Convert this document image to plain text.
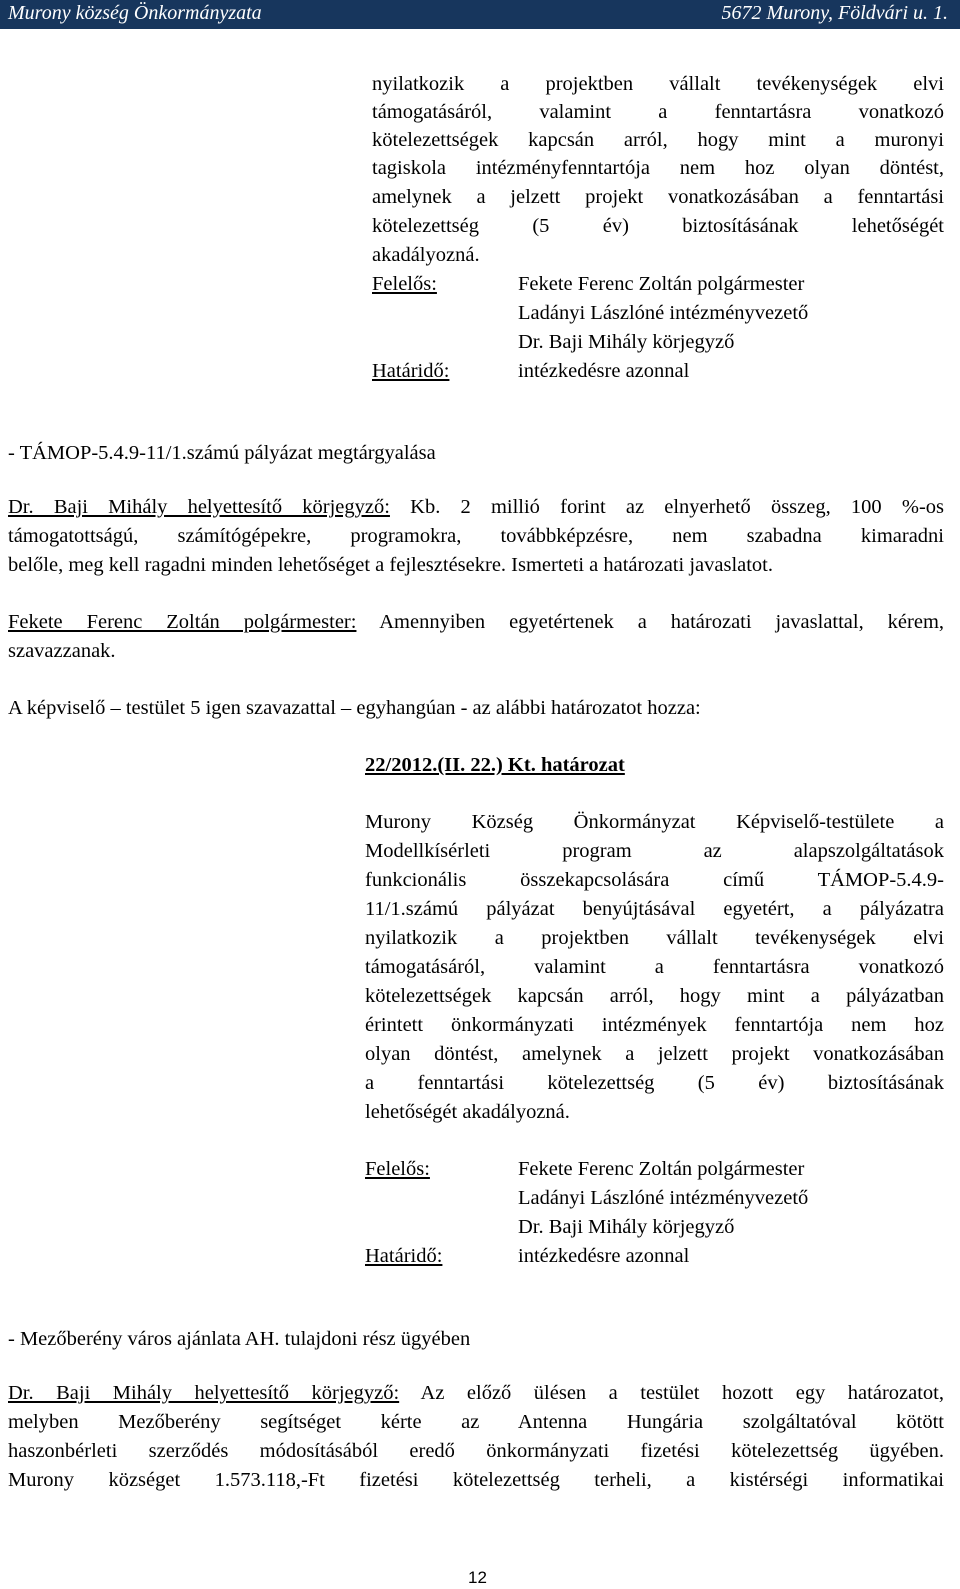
Murony község Önkormányzata	5672 Murony, Földvári u. 1.
nyilatkozik a projektben vállalt tevékenységek elvi
támogatásáról, valamint a fenntartásra vonatkozó
kötelezettségek kapcsán arról, hogy mint a muronyi
tagiskola intézményfenntartója nem hoz olyan döntést,
amelynek a jelzett projekt vonatkozásában a fenntartási
kötelezettség (5 év) biztosításának lehetőségét
akadályozná.
Felelős:	Fekete Ferenc Zoltán polgármester
Ladányi Lászlóné intézményvezető
Dr. Baji Mihály körjegyző
Határidő:	intézkedésre azonnal
- TÁMOP-5.4.9-11/1.számú pályázat megtárgyalása
Dr. Baji Mihály helyettesítő körjegyző: Kb. 2 millió forint az elnyerhető összeg, 100 %-os
támogatottságú, számítógépekre, programokra, továbbképzésre, nem szabadna kimaradni
belőle, meg kell ragadni minden lehetőséget a fejlesztésekre. Ismerteti a határozati javaslatot.
Fekete Ferenc Zoltán polgármester: Amennyiben egyetértenek a határozati javaslattal, kérem,
szavazzanak.
A képviselő – testület 5 igen szavazattal – egyhangúan - az alábbi határozatot hozza:
22/2012.(II. 22.) Kt. határozat
Murony Község Önkormányzat Képviselő-testülete a
Modellkísérleti program az alapszolgáltatások
funkcionális összekapcsolására című TÁMOP-5.4.9-
11/1.számú pályázat benyújtásával egyetért, a pályázatra
nyilatkozik a projektben vállalt tevékenységek elvi
támogatásáról, valamint a fenntartásra vonatkozó
kötelezettségek kapcsán arról, hogy mint a pályázatban
érintett önkormányzati intézmények fenntartója nem hoz
olyan döntést, amelynek a jelzett projekt vonatkozásában
a fenntartási kötelezettség (5 év) biztosításának
lehetőségét akadályozná.
Felelős:	Fekete Ferenc Zoltán polgármester
Ladányi Lászlóné intézményvezető
Dr. Baji Mihály körjegyző
Határidő:	intézkedésre azonnal
- Mezőberény város ajánlata AH. tulajdoni rész ügyében
Dr. Baji Mihály helyettesítő körjegyző: Az előző ülésen a testület hozott egy határozatot,
melyben Mezőberény segítséget kérte az Antenna Hungária szolgáltatóval kötött
haszonbérleti szerződés módosításából eredő önkormányzati fizetési kötelezettség ügyében.
Murony községet 1.573.118,-Ft fizetési kötelezettség terheli, a kistérségi informatikai
12
